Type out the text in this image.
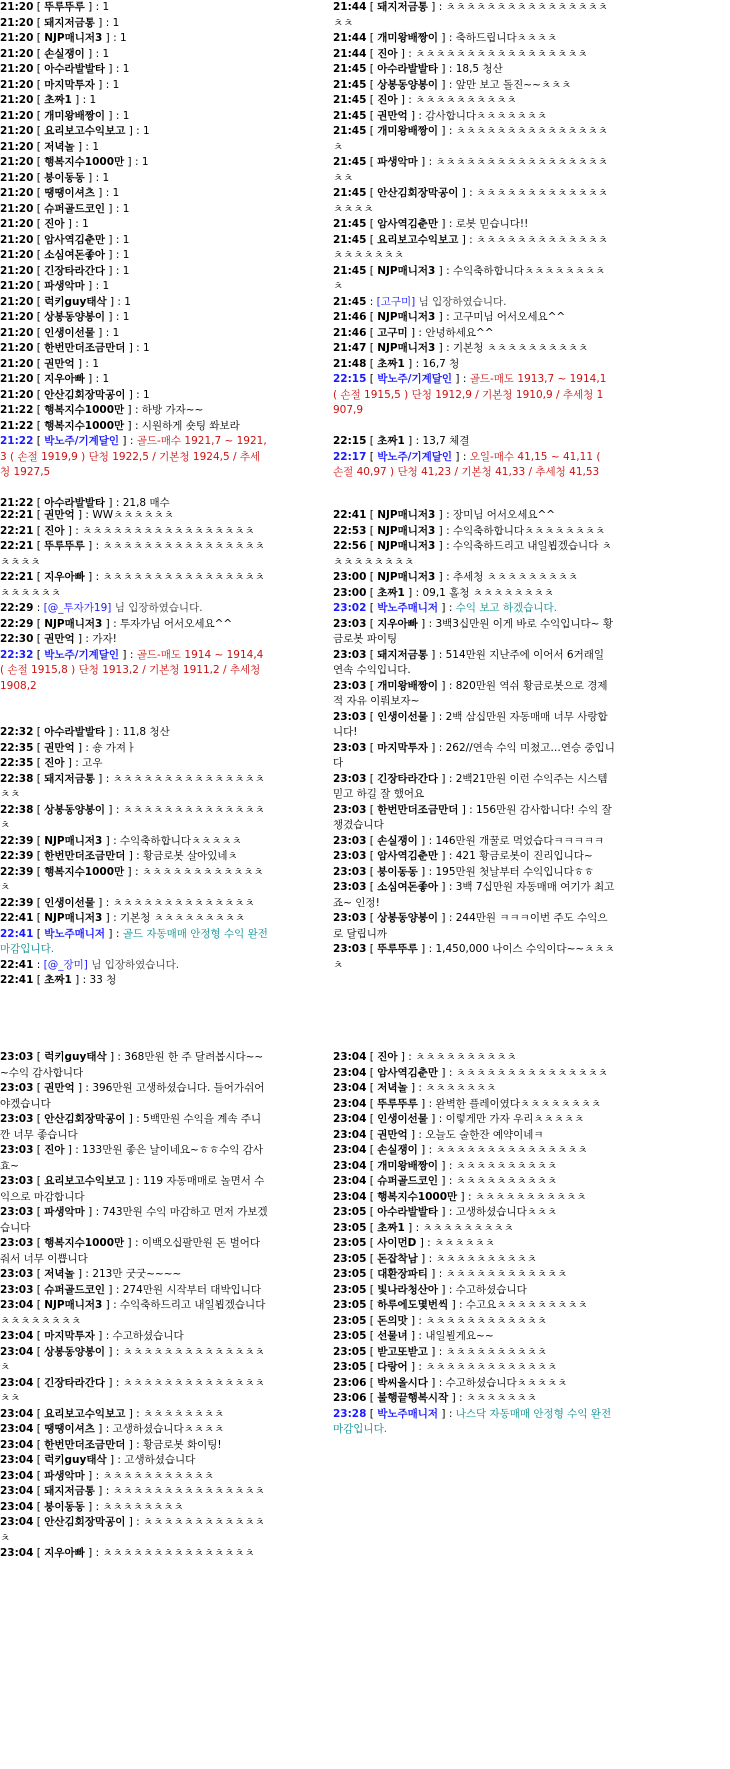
21:20 [ 뚜루뚜루 ] : 1
21:20 [ 돼지저금통 ] : 1
21:20 [ NJP매니저3 ] : 1
21:20 [ 손실쟁이 ] : 1
21:20 [ 아수라발발타 ] : 1
21:20 [ 마지막투자 ] : 1
21:20 [ 초짜1 ] : 1
21:20 [ 개미왕배짱이 ] : 1
21:20 [ 요리보고수익보고 ] : 1
21:20 [ 저녁놀 ] : 1
21:20 [ 행복지수1000만 ] : 1
21:20 [ 붕이동동 ] : 1
21:20 [ 땡땡이셔츠 ] : 1
21:20 [ 슈퍼골드코인 ] : 1
21:20 [ 진아 ] : 1
21:20 [ 암사역김춘만 ] : 1
21:20 [ 소심여돈좋아 ] : 1
21:20 [ 긴장타라간다 ] : 1
21:20 [ 파생악마 ] : 1
21:20 [ 럭키guy태삭 ] : 1
21:20 [ 상봉동양봉이 ] : 1
21:20 [ 인생이선물 ] : 1
21:20 [ 한번만더조금만더 ] : 1
21:20 [ 권만억 ] : 1
21:20 [ 지우아빠 ] : 1
21:20 [ 안산김회장막공이 ] : 1
21:22 [ 행복지수1000만 ] : 하방 가자~~
21:22 [ 행복지수1000만 ] : 시원하게 숏팅 쏴보라
21:22 [ 박노주/기계달인 ] : 골드-매수 1921,7 ~ 1921,3 ( 손절 1919,9 ) 단청 1922,5 / 기본청 1924,5 / 추세청 1927,5
21:22 [ 아수라발발타 ] : 21,8 매수
21:44 [ 돼지저금통 ] : ㅊㅊㅊㅊㅊㅊㅊㅊㅊㅊㅊㅊㅊㅊㅊㅊㅊㅊ
21:44 [ 개미왕배짱이 ] : 축하드립니다ㅊㅊㅊㅊ
21:44 [ 진아 ] : ㅊㅊㅊㅊㅊㅊㅊㅊㅊㅊㅊㅊㅊㅊㅊㅊㅊ
21:45 [ 아수라발발타 ] : 18,5 청산
21:45 [ 상봉동양봉이 ] : 앞만 보고 돌진~~ㅊㅊㅊ
21:45 [ 진아 ] : ㅊㅊㅊㅊㅊㅊㅊㅊㅊㅊ
21:45 [ 권만억 ] : 감사합니다ㅊㅊㅊㅊㅊㅊㅊ
21:45 [ 개미왕배짱이 ] : ㅊㅊㅊㅊㅊㅊㅊㅊㅊㅊㅊㅊㅊㅊㅊㅊ
21:45 [ 파생악마 ] : ㅊㅊㅊㅊㅊㅊㅊㅊㅊㅊㅊㅊㅊㅊㅊㅊㅊㅊㅊ
21:45 [ 안산김회장막공이 ] : ㅊㅊㅊㅊㅊㅊㅊㅊㅊㅊㅊㅊㅊㅊㅊㅊㅊ
21:45 [ 암사역김춘만 ] : 로봇 믿습니다!!
21:45 [ 요리보고수익보고 ] : ㅊㅊㅊㅊㅊㅊㅊㅊㅊㅊㅊㅊㅊㅊㅊㅊㅊㅊㅊㅊ
21:45 [ NJP매니저3 ] : 수익축하합니다ㅊㅊㅊㅊㅊㅊㅊㅊㅊ
21:45 : [고구미] 님 입장하였습니다.
21:46 [ NJP매니저3 ] : 고구미님 어서오세요^^
21:46 [ 고구미 ] : 안녕하세요^^
21:47 [ NJP매니저3 ] : 기본청 ㅊㅊㅊㅊㅊㅊㅊㅊㅊㅊ
21:48 [ 초짜1 ] : 16,7 청
22:15 [ 박노주/기계달인 ] : 골드-매도 1913,7 ~ 1914,1 ( 손절 1915,5 ) 단청 1912,9 / 기본청 1910,9 / 추세청 1907,9
22:15 [ 초짜1 ] : 13,7 체결
22:17 [ 박노주/기계달인 ] : 오일-매수 41,15 ~ 41,11 ( 손절 40,97 ) 단청 41,23 / 기본청 41,33 / 추세청 41,53
22:21 [ 권만억 ] : WWㅊㅊㅊㅊㅊㅊ
22:21 [ 진아 ] : ㅊㅊㅊㅊㅊㅊㅊㅊㅊㅊㅊㅊㅊㅊㅊㅊㅊ
22:21 [ 뚜루뚜루 ] : ㅊㅊㅊㅊㅊㅊㅊㅊㅊㅊㅊㅊㅊㅊㅊㅊㅊㅊㅊㅊ
22:21 [ 지우아빠 ] : ㅊㅊㅊㅊㅊㅊㅊㅊㅊㅊㅊㅊㅊㅊㅊㅊㅊㅊㅊㅊㅊㅊ
22:29 : [@_투자가19] 님 입장하였습니다.
22:29 [ NJP매니저3 ] : 투자가님 어서오세요^^
22:30 [ 권만억 ] : 가자!
22:32 [ 박노주/기계달인 ] : 골드-매도 1914 ~ 1914,4 ( 손절 1915,8 ) 단청 1913,2 / 기본청 1911,2 / 추세청 1908,2
22:32 [ 아수라발발타 ] : 11,8 청산
22:35 [ 권만억 ] : 숑 가져ㅏ
22:35 [ 진아 ] : 고우
22:38 [ 돼지저금통 ] : ㅊㅊㅊㅊㅊㅊㅊㅊㅊㅊㅊㅊㅊㅊㅊㅊㅊ
22:38 [ 상봉동양봉이 ] : ㅊㅊㅊㅊㅊㅊㅊㅊㅊㅊㅊㅊㅊㅊㅊ
22:39 [ NJP매니저3 ] : 수익축하합니다ㅊㅊㅊㅊㅊ
22:39 [ 한번만더조금만더 ] : 황금로봇 살아있네ㅊ
22:39 [ 행복지수1000만 ] : ㅊㅊㅊㅊㅊㅊㅊㅊㅊㅊㅊㅊㅊ
22:39 [ 인생이선물 ] : ㅊㅊㅊㅊㅊㅊㅊㅊㅊㅊㅊㅊㅊㅊ
22:41 [ NJP매니저3 ] : 기본청 ㅊㅊㅊㅊㅊㅊㅊㅊㅊ
22:41 [ 박노주매니저 ] : 골드 자동매매 안정형 수익 완전 마감입니다.
22:41 : [@_장미] 님 입장하였습니다.
22:41 [ 초짜1 ] : 33 청
22:41 [ NJP매니저3 ] : 장미님 어서오세요^^
22:53 [ NJP매니저3 ] : 수익축하합니다ㅊㅊㅊㅊㅊㅊㅊㅊ
22:56 [ NJP매니저3 ] : 수익축하드리고 내일뵙겠습니다 ㅊㅊㅊㅊㅊㅊㅊㅊㅊ
23:00 [ NJP매니저3 ] : 추세청 ㅊㅊㅊㅊㅊㅊㅊㅊㅊ
23:00 [ 초짜1 ] : 09,1 홀청 ㅊㅊㅊㅊㅊㅊㅊㅊ
23:02 [ 박노주매니저 ] : 수익 보고 하겠습니다.
23:03 [ 지우아빠 ] : 3백3십만원 이게 바로 수익입니다~ 황금로봇 파이팅
23:03 [ 돼지저금통 ] : 514만원 지난주에 이어서 6거래일 연속 수익입니다.
23:03 [ 개미왕배짱이 ] : 820만원 역쉬 황금로봇으로 경제적 자유 이뤄보자~
23:03 [ 인생이선물 ] : 2백 삼십만원 자동매매 너무 사랑합니다!
23:03 [ 마지막투자 ] : 262//연속 수익 미쳤고…연승 중입니다
23:03 [ 긴장타라간다 ] : 2백21만원 이런 수익주는 시스템 믿고 하길 잘 했어요
23:03 [ 한번만더조금만더 ] : 156만원 감사합니다! 수익 잘 챙겼습니다
23:03 [ 손실쟁이 ] : 146만원 개꿀로 먹었습다ㅋㅋㅋㅋㅋ
23:03 [ 암사역김춘만 ] : 421 황금로봇이 진리입니다~
23:03 [ 붕이동동 ] : 195만원 첫날부터 수익입니다ㅎㅎ
23:03 [ 소심여돈좋아 ] : 3백 7십만원 자동매매 여기가 최고죠~ 인정!
23:03 [ 상봉동양봉이 ] : 244만원 ㅋㅋㅋ이번 주도 수익으로 달립니까
23:03 [ 뚜루뚜루 ] : 1,450,000 나이스 수익이다~~ㅊㅊㅊㅊ
23:03 [ 럭키guy태삭 ] : 368만원 한 주 달려봅시다~~~수익 감사합니다
23:03 [ 권만억 ] : 396만원 고생하셨습니다. 들어가쉬어야겠습니다
23:03 [ 안산김회장막공이 ] : 5백만원 수익을 계속 주니깐 너무 좋습니다
23:03 [ 진아 ] : 133만원 좋은 날이네요~ㅎㅎ수익 감사효~
23:03 [ 요리보고수익보고 ] : 119 자동매매로 놀면서 수익으로 마감합니다
23:03 [ 파생악마 ] : 743만원 수익 마감하고 먼저 가보겠습니다
23:03 [ 행복지수1000만 ] : 이백오십팔만원 돈 벌어다 줘서 너무 이쁩니다
23:03 [ 저녁놀 ] : 213만 굿굿~~~~
23:03 [ 슈퍼골드코인 ] : 274만원 시작부터 대박입니다
23:04 [ NJP매니저3 ] : 수익축하드리고 내일뵙겠습니다 ㅊㅊㅊㅊㅊㅊㅊㅊ
23:04 [ 마지막투자 ] : 수고하셨습니다
23:04 [ 상봉동양봉이 ] : ㅊㅊㅊㅊㅊㅊㅊㅊㅊㅊㅊㅊㅊㅊㅊ
23:04 [ 긴장타라간다 ] : ㅊㅊㅊㅊㅊㅊㅊㅊㅊㅊㅊㅊㅊㅊㅊㅊ
23:04 [ 요리보고수익보고 ] : ㅊㅊㅊㅊㅊㅊㅊㅊ
23:04 [ 땡땡이셔츠 ] : 고생하셨습니다ㅊㅊㅊㅊ
23:04 [ 한번만더조금만더 ] : 황금로봇 화이팅!
23:04 [ 럭키guy태삭 ] : 고생하셨습니다
23:04 [ 파생악마 ] : ㅊㅊㅊㅊㅊㅊㅊㅊㅊㅊㅊ
23:04 [ 돼지저금통 ] : ㅊㅊㅊㅊㅊㅊㅊㅊㅊㅊㅊㅊㅊㅊㅊ
23:04 [ 붕이동동 ] : ㅊㅊㅊㅊㅊㅊㅊㅊ
23:04 [ 안산김회장막공이 ] : ㅊㅊㅊㅊㅊㅊㅊㅊㅊㅊㅊㅊㅊ
23:04 [ 지우아빠 ] : ㅊㅊㅊㅊㅊㅊㅊㅊㅊㅊㅊㅊㅊㅊㅊ
23:04 [ 진아 ] : ㅊㅊㅊㅊㅊㅊㅊㅊㅊㅊ
23:04 [ 암사역김춘만 ] : ㅊㅊㅊㅊㅊㅊㅊㅊㅊㅊㅊㅊㅊㅊㅊ
23:04 [ 저녁놀 ] : ㅊㅊㅊㅊㅊㅊㅊ
23:04 [ 뚜루뚜루 ] : 완벽한 플레이였다ㅊㅊㅊㅊㅊㅊㅊㅊ
23:04 [ 인생이선물 ] : 이렇게만 가자 우리ㅊㅊㅊㅊㅊ
23:04 [ 권만억 ] : 오늘도 술한잔 예약이네ㅋ
23:04 [ 손실쟁이 ] : ㅊㅊㅊㅊㅊㅊㅊㅊㅊㅊㅊㅊㅊㅊㅊ
23:04 [ 개미왕배짱이 ] : ㅊㅊㅊㅊㅊㅊㅊㅊㅊㅊ
23:04 [ 슈퍼골드코인 ] : ㅊㅊㅊㅊㅊㅊㅊㅊㅊㅊ
23:04 [ 행복지수1000만 ] : ㅊㅊㅊㅊㅊㅊㅊㅊㅊㅊㅊ
23:05 [ 아수라발발타 ] : 고생하셨습니다ㅊㅊㅊ
23:05 [ 초짜1 ] : ㅊㅊㅊㅊㅊㅊㅊㅊㅊ
23:05 [ 사이먼D ] : ㅊㅊㅊㅊㅊㅊ
23:05 [ 돈잡착남 ] : ㅊㅊㅊㅊㅊㅊㅊㅊㅊㅊ
23:05 [ 대환장파티 ] : ㅊㅊㅊㅊㅊㅊㅊㅊㅊㅊㅊㅊ
23:05 [ 빛나라청산아 ] : 수고하셨습니다
23:05 [ 하루에도몇번씩 ] : 수고요ㅊㅊㅊㅊㅊㅊㅊㅊㅊ
23:05 [ 돈의맛 ] : ㅊㅊㅊㅊㅊㅊㅊㅊㅊㅊㅊㅊ
23:05 [ 선물녀 ] : 내일뵐게요~~
23:05 [ 받고또받고 ] : ㅊㅊㅊㅊㅊㅊㅊㅊㅊㅊ
23:05 [ 다랑어 ] : ㅊㅊㅊㅊㅊㅊㅊㅊㅊㅊㅊㅊㅊ
23:06 [ 박씨올시다 ] : 수고하셨습니다ㅊㅊㅊㅊㅊ
23:06 [ 불행끝행복시작 ] : ㅊㅊㅊㅊㅊㅊㅊ
23:28 [ 박노주매니저 ] : 나스닥 자동매매 안정형 수익 완전 마감입니다.
